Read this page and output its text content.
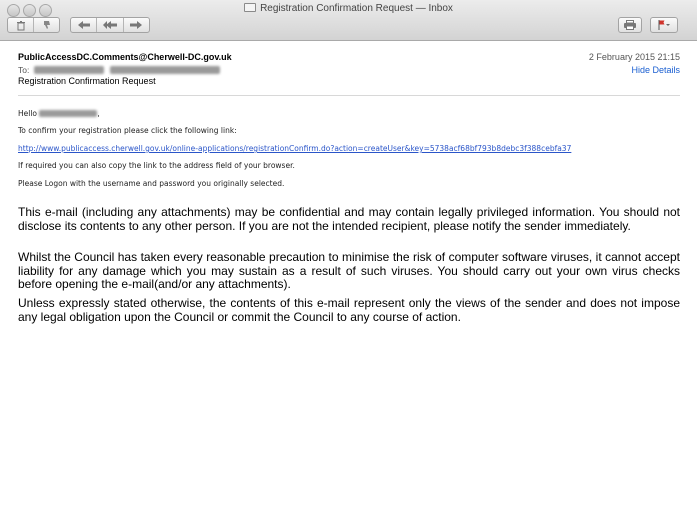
Registration Confirmation Request — Inbox
PublicAccessDC.Comments@Cherwell-DC.gov.uk
To:
Registration Confirmation Request
2 February 2015 21:15
Hide Details
Hello	,
To confirm your registration please click the following link:
http://www.publicaccess.cherwell.gov.uk/online-applications/registrationConfirm.do?action=createUser&key=5738acf68bf793b8debc3f388cebfa37
If required you can also copy the link to the address field of your browser.
Please Logon with the username and password you originally selected.
This e-mail (including any attachments) may be confidential and may contain legally privileged information. You should not disclose its contents to any other person. If you are not the intended recipient, please notify the sender immediately.
Whilst the Council has taken every reasonable precaution to minimise the risk of computer software viruses, it cannot accept liability for any damage which you may sustain as a result of such viruses. You should carry out your own virus checks before opening the e-mail(and/or any attachments).
Unless expressly stated otherwise, the contents of this e-mail represent only the views of the sender and does not impose any legal obligation upon the Council or commit the Council to any course of action.
